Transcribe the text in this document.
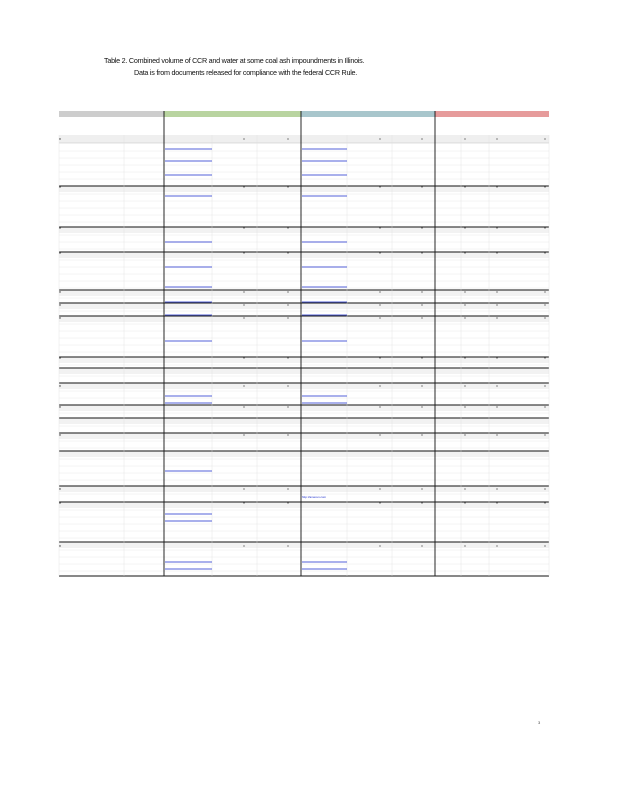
Table 2. Combined volume of CCR and water at some coal ash impoundments in Illinois.
Data is from documents released for compliance with the federal CCR Rule.
http://ameren.com
3
